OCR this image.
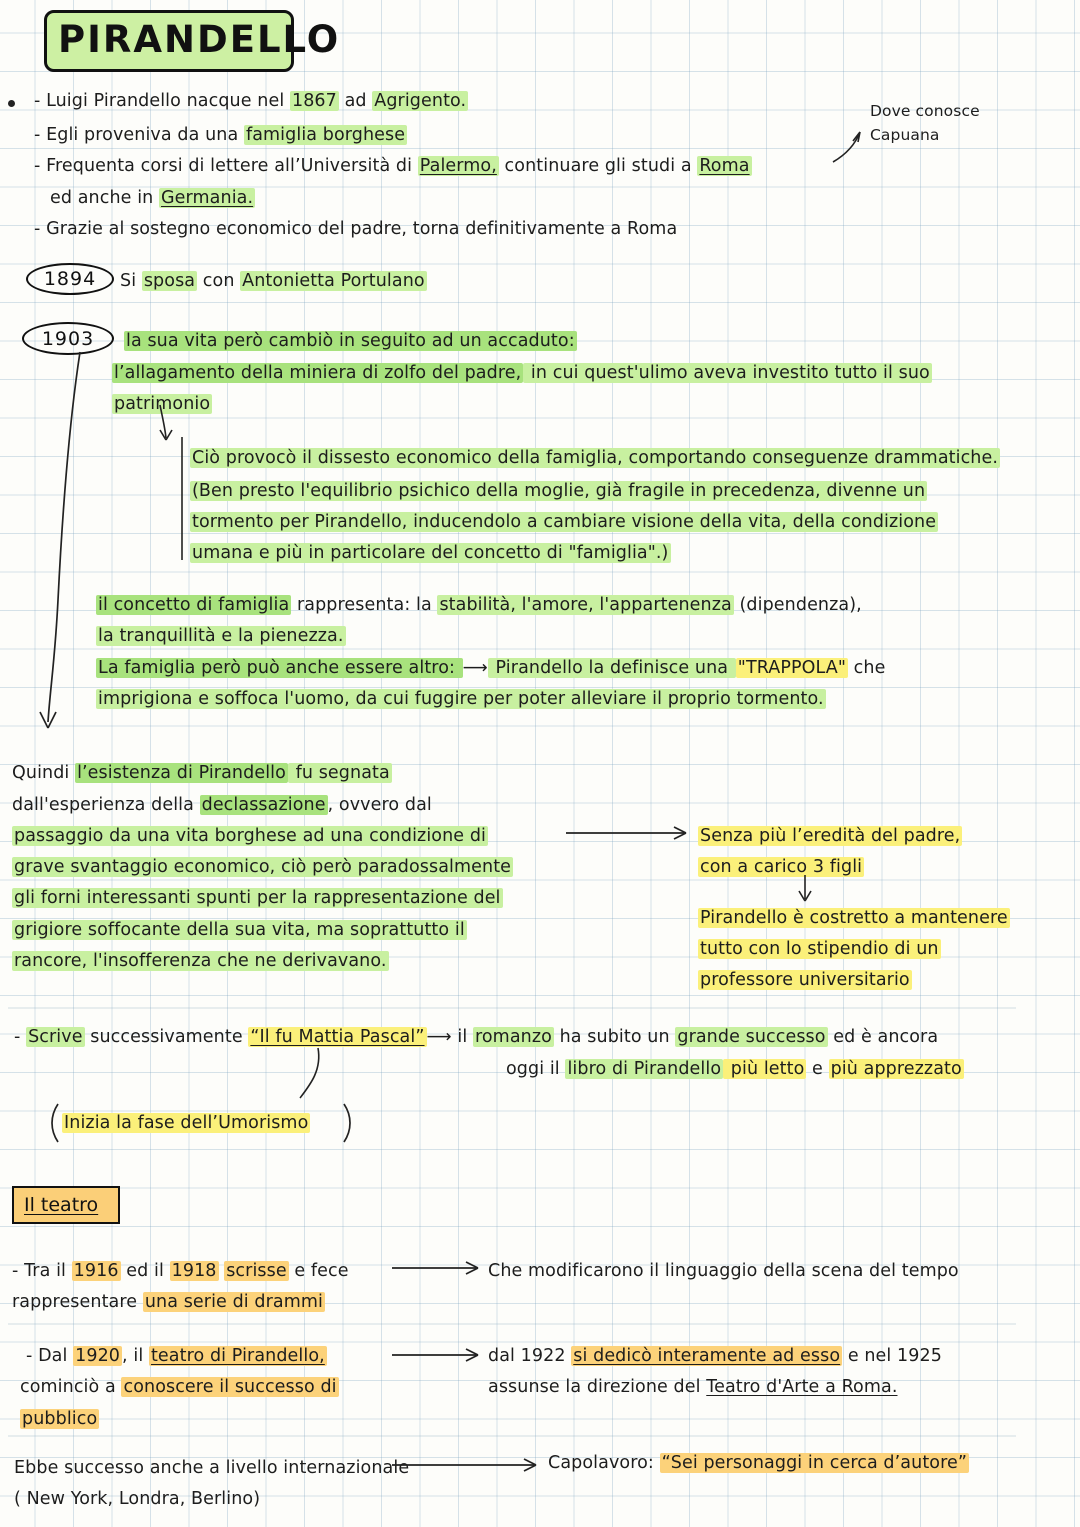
PIRANDELLO
- Luigi Pirandello nacque nel 1867 ad Agrigento.
- Egli proveniva da una famiglia borghese
- Frequenta corsi di lettere all’Università di Palermo, continuare gli studi a Roma
ed anche in Germania.
- Grazie al sostegno economico del padre, torna definitivamente a Roma
Dove conosce
Capuana
1894	Si sposa con Antonietta Portulano
1903	la sua vita però cambiò in seguito ad un accaduto:
l’allagamento della miniera di zolfo del padre, in cui quest'ulimo aveva investito tutto il suo
patrimonio
Ciò provocò il dissesto economico della famiglia, comportando conseguenze drammatiche.
(Ben presto l'equilibrio psichico della moglie, già fragile in precedenza, divenne un
tormento per Pirandello, inducendolo a cambiare visione della vita, della condizione
umana e più in particolare del concetto di "famiglia".)
il concetto di famiglia rappresenta: la stabilità, l'amore, l'appartenenza (dipendenza),
la tranquillità e la pienezza.
La famiglia però può anche essere altro: ⟶ Pirandello la definisce una "TRAPPOLA" che
imprigiona e soffoca l'uomo, da cui fuggire per poter alleviare il proprio tormento.
Quindi l’esistenza di Pirandello fu segnata
dall'esperienza della declassazione , ovvero dal
passaggio da una vita borghese ad una condizione di
grave svantaggio economico, ciò però paradossalmente
gli forni interessanti spunti per la rappresentazione del
grigiore soffocante della sua vita, ma soprattutto il
rancore, l'insofferenza che ne derivavano.
Senza più l’eredità del padre,
con a carico 3 figli
Pirandello è costretto a mantenere
tutto con lo stipendio di un
professore universitario
- Scrive successivamente “Il fu Mattia Pascal” ⟶ il romanzo ha subito un grande successo ed è ancora
oggi il libro di Pirandello più letto e più apprezzato
Inizia la fase dell’Umorismo
Il teatro
- Tra il 1916 ed il 1918 scrisse e fece
rappresentare una serie di drammi
Che modificarono il linguaggio della scena del tempo
- Dal 1920 , il teatro di Pirandello,
cominciò a conoscere il successo di
pubblico
dal 1922 si dedicò interamente ad esso e nel 1925
assunse la direzione del Teatro d'Arte a Roma.
Ebbe successo anche a livello internazionale
( New York, Londra, Berlino)
Capolavoro: “Sei personaggi in cerca d’autore”
